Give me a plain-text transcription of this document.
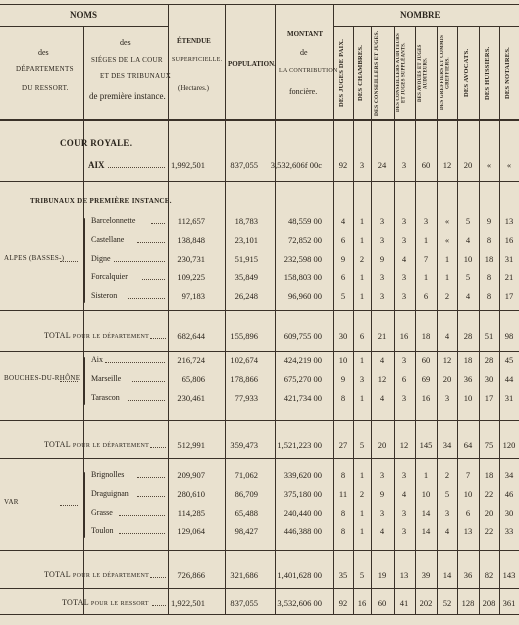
NOMS	NOMBRE
des
DÉPARTEMENTS
DU RESSORT.
des
SIÉGES DE LA COUR
ET DES TRIBUNAUX
de première instance.
ÉTENDUE
SUPERFICIELLE.
(Hectares.)
POPULATION.
MONTANT
de
LA CONTRIBUTION
foncière.	DES JUGES DE PAIX. DES CHAMBRES. DES CONSEILLERS ET JUGES.	DES CONSEILLERS AUDITEURS ET JUGES SUPPLÉANTS. DES AVOUÉS ET JUGES AUDITEURS. DES GREFFIERS ET COMMIS GREFFIERS. DES AVOCATS. DES HUISSIERS. DES NOTAIRES.
COUR ROYALE.
AIX	1,992,501	837,055	3,532,606f 00c	92	3	24	3	60	12	20	«	«
TRIBUNAUX DE PREMIÈRE INSTANCE.
ALPES (BASSES-)
Barcelonnette	112,657	18,783	48,559 00	4	1	3	3	3	«	5	9	13
Castellane	138,848	23,101	72,852 00	6	1	3	3	1	«	4	8	16
Digne	230,731	51,915	232,598 00	9	2	9	4	7	1	10	18	31
Forcalquier	109,225	35,849	158,803 00	6	1	3	3	1	1	5	8	21
Sisteron	97,183	26,248	96,960 00	5	1	3	3	6	2	4	8	17
TOTAL pour le département	682,644	155,896	609,755 00	30	6	21	16	18	4	28	51	98
BOUCHES-DU-RHÔNE
Aix	216,724	102,674	424,219 00	10	1	4	3	60	12	18	28	45
Marseille	65,806	178,866	675,270 00	9	3	12	6	69	20	36	30	44
Tarascon	230,461	77,933	421,734 00	8	1	4	3	16	3	10	17	31
TOTAL pour le département	512,991	359,473	1,521,223 00	27	5	20	12	145	34	64	75	120
VAR
Brignolles	209,907	71,062	339,620 00	8	1	3	3	1	2	7	18	34
Draguignan	280,610	86,709	375,180 00	11	2	9	4	10	5	10	22	46
Grasse	114,285	65,488	240,440 00	8	1	3	3	14	3	6	20	30
Toulon	129,064	98,427	446,388 00	8	1	4	3	14	4	13	22	33
TOTAL pour le département	726,866	321,686	1,401,628 00	35	5	19	13	39	14	36	82	143
TOTAL pour le ressort	1,922,501	837,055	3,532,606 00	92	16	60	41	202	52	128 208 361
